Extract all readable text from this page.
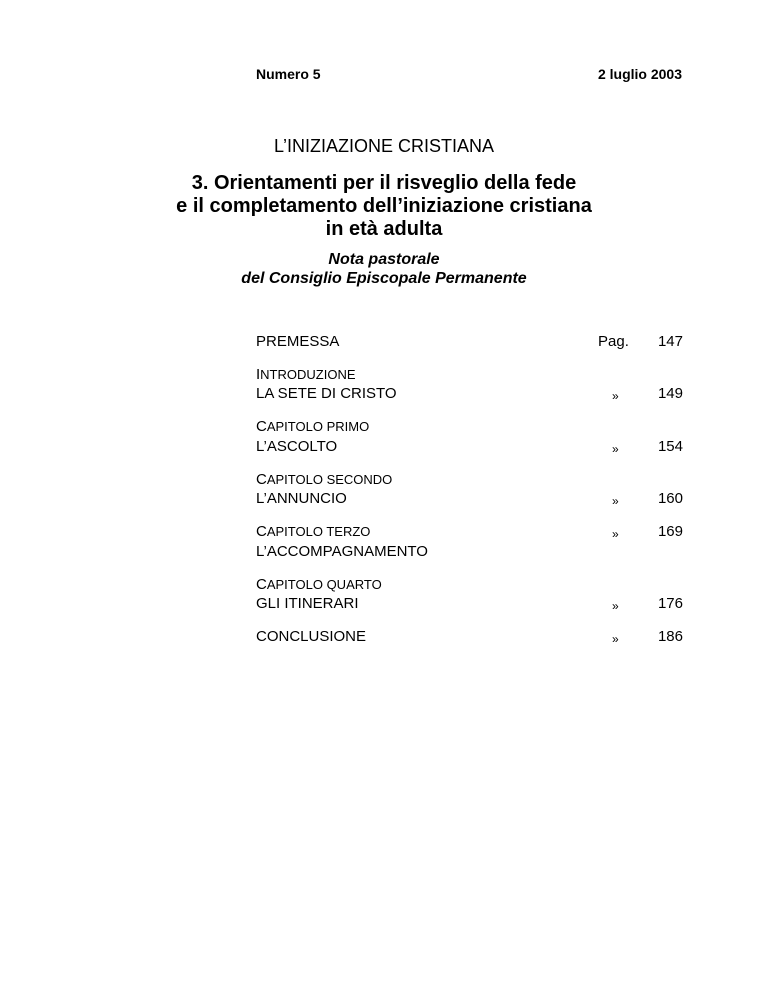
Numero 5	2 luglio 2003
L’INIZIAZIONE CRISTIANA
3. Orientamenti per il risveglio della fede
e il completamento dell’iniziazione cristiana
in età adulta
Nota pastorale
del Consiglio Episcopale Permanente
PREMESSA	Pag.	147
INTRODUZIONE
LA SETE DI CRISTO	»	149
CAPITOLO PRIMO
L’ASCOLTO	»	154
CAPITOLO SECONDO
L’ANNUNCIO	»	160
CAPITOLO TERZO	»	169
L’ACCOMPAGNAMENTO
CAPITOLO QUARTO
GLI ITINERARI	»	176
CONCLUSIONE	»	186
